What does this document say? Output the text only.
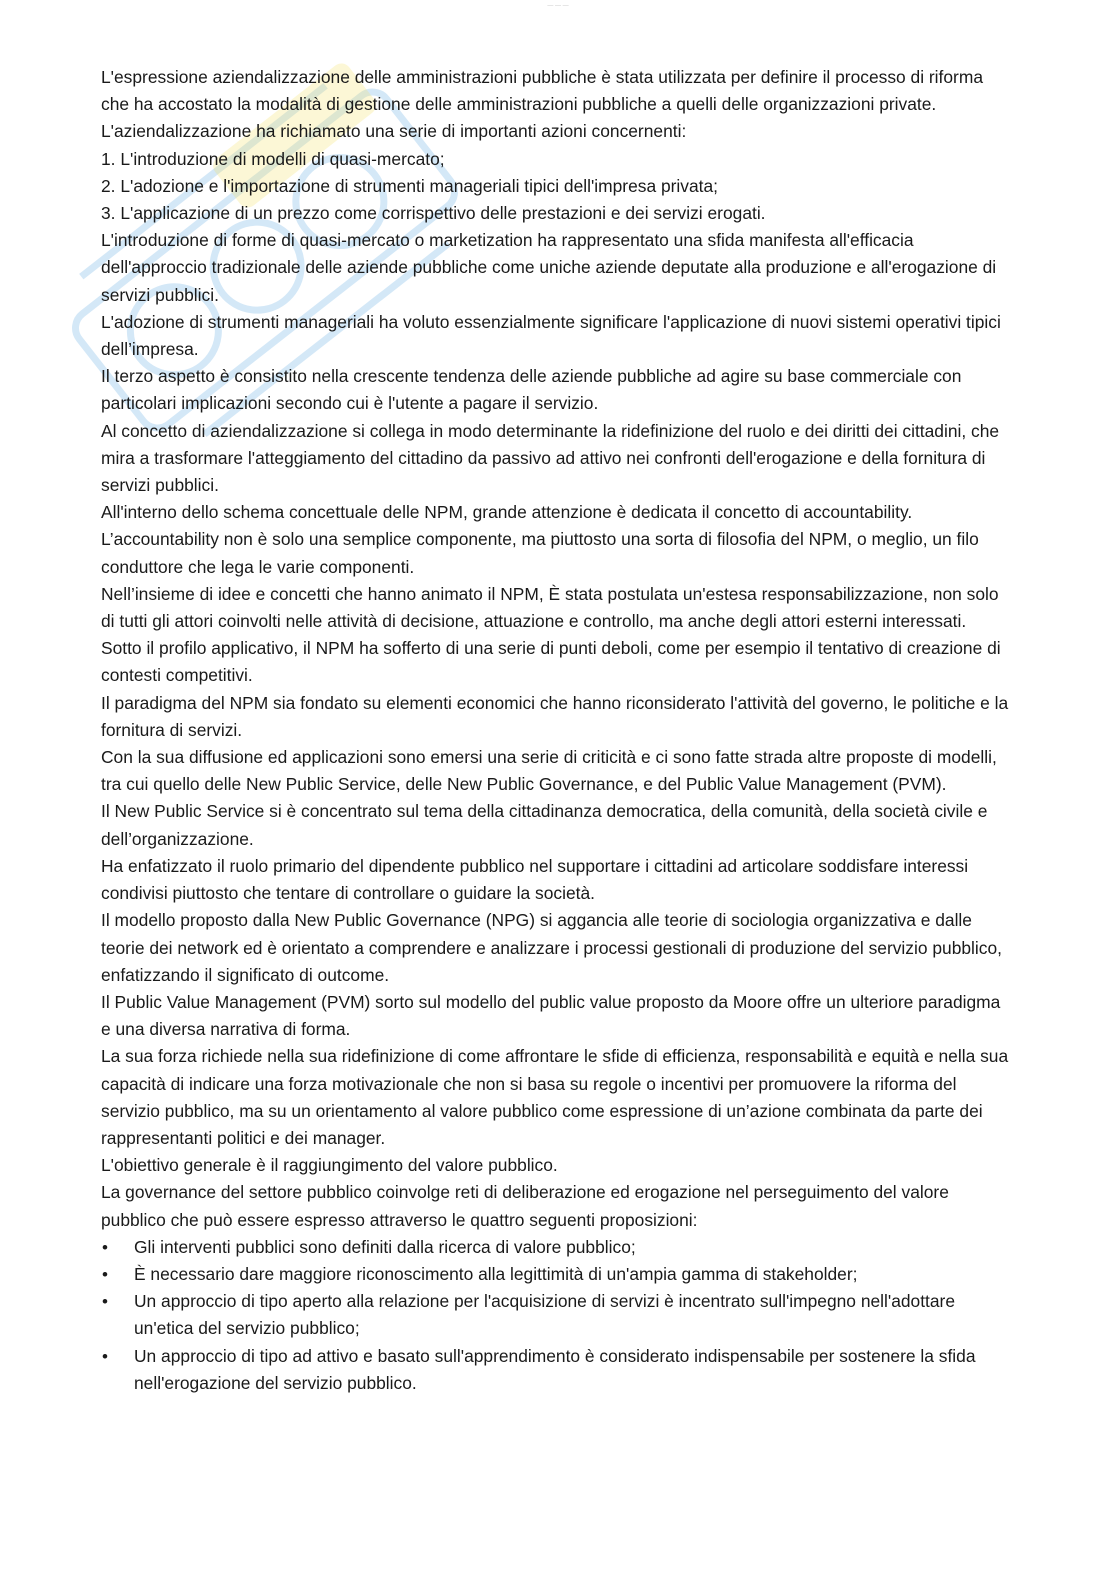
— — —

L'espressione aziendalizzazione delle amministrazioni pubbliche è stata utilizzata per definire il processo di riforma che ha accostato la modalità di gestione delle amministrazioni pubbliche a quelli delle organizzazioni private.

L'aziendalizzazione ha richiamato una serie di importanti azioni concernenti:

1. L'introduzione di modelli di quasi-mercato;

2. L'adozione e l'importazione di strumenti manageriali tipici dell'impresa privata;

3. L'applicazione di un prezzo come corrispettivo delle prestazioni e dei servizi erogati.

L'introduzione di forme di quasi-mercato o marketization ha rappresentato una sfida manifesta all'efficacia dell'approccio tradizionale delle aziende pubbliche come uniche aziende deputate alla produzione e all'erogazione di servizi pubblici.

L'adozione di strumenti manageriali ha voluto essenzialmente significare l'applicazione di nuovi sistemi operativi tipici dell’impresa.

Il terzo aspetto è consistito nella crescente tendenza delle aziende pubbliche ad agire su base commerciale con particolari implicazioni secondo cui è l'utente a pagare il servizio.

Al concetto di aziendalizzazione si collega in modo determinante la ridefinizione del ruolo e dei diritti dei cittadini, che mira a trasformare l'atteggiamento del cittadino da passivo ad attivo nei confronti dell'erogazione e della fornitura di servizi pubblici.

All'interno dello schema concettuale delle NPM, grande attenzione è dedicata il concetto di accountability.

L’accountability non è solo una semplice componente, ma piuttosto una sorta di filosofia del NPM, o meglio, un filo conduttore che lega le varie componenti.

Nell’insieme di idee e concetti che hanno animato il NPM, È stata postulata un'estesa responsabilizzazione, non solo di tutti gli attori coinvolti nelle attività di decisione, attuazione e controllo, ma anche degli attori esterni interessati.

Sotto il profilo applicativo, il NPM ha sofferto di una serie di punti deboli, come per esempio il tentativo di creazione di contesti competitivi.

Il paradigma del NPM sia fondato su elementi economici che hanno riconsiderato l'attività del governo, le politiche e la fornitura di servizi.

Con la sua diffusione ed applicazioni sono emersi una serie di criticità e ci sono fatte strada altre proposte di modelli, tra cui quello delle New Public Service, delle New Public Governance, e del Public Value Management (PVM).

Il New Public Service si è concentrato sul tema della cittadinanza democratica, della comunità, della società civile e dell’organizzazione.

Ha enfatizzato il ruolo primario del dipendente pubblico nel supportare i cittadini ad articolare soddisfare interessi condivisi piuttosto che tentare di controllare o guidare la società.

Il modello proposto dalla New Public Governance (NPG) si aggancia alle teorie di sociologia organizzativa e dalle teorie dei network ed è orientato a comprendere e analizzare i processi gestionali di produzione del servizio pubblico, enfatizzando il significato di outcome.

Il Public Value Management (PVM) sorto sul modello del public value proposto da Moore offre un ulteriore paradigma e una diversa narrativa di forma.

La sua forza richiede nella sua ridefinizione di come affrontare le sfide di efficienza, responsabilità e equità e nella sua capacità di indicare una forza motivazionale che non si basa su regole o incentivi per promuovere la riforma del servizio pubblico, ma su un orientamento al valore pubblico come espressione di un’azione combinata da parte dei rappresentanti politici e dei manager.

L'obiettivo generale è il raggiungimento del valore pubblico.

La governance del settore pubblico coinvolge reti di deliberazione ed erogazione nel perseguimento del valore pubblico che può essere espresso attraverso le quattro seguenti proposizioni:

• Gli interventi pubblici sono definiti dalla ricerca di valore pubblico;
• È necessario dare maggiore riconoscimento alla legittimità di un'ampia gamma di stakeholder;
• Un approccio di tipo aperto alla relazione per l'acquisizione di servizi è incentrato sull'impegno nell'adottare un'etica del servizio pubblico;
• Un approccio di tipo ad attivo e basato sull'apprendimento è considerato indispensabile per sostenere la sfida nell'erogazione del servizio pubblico.
